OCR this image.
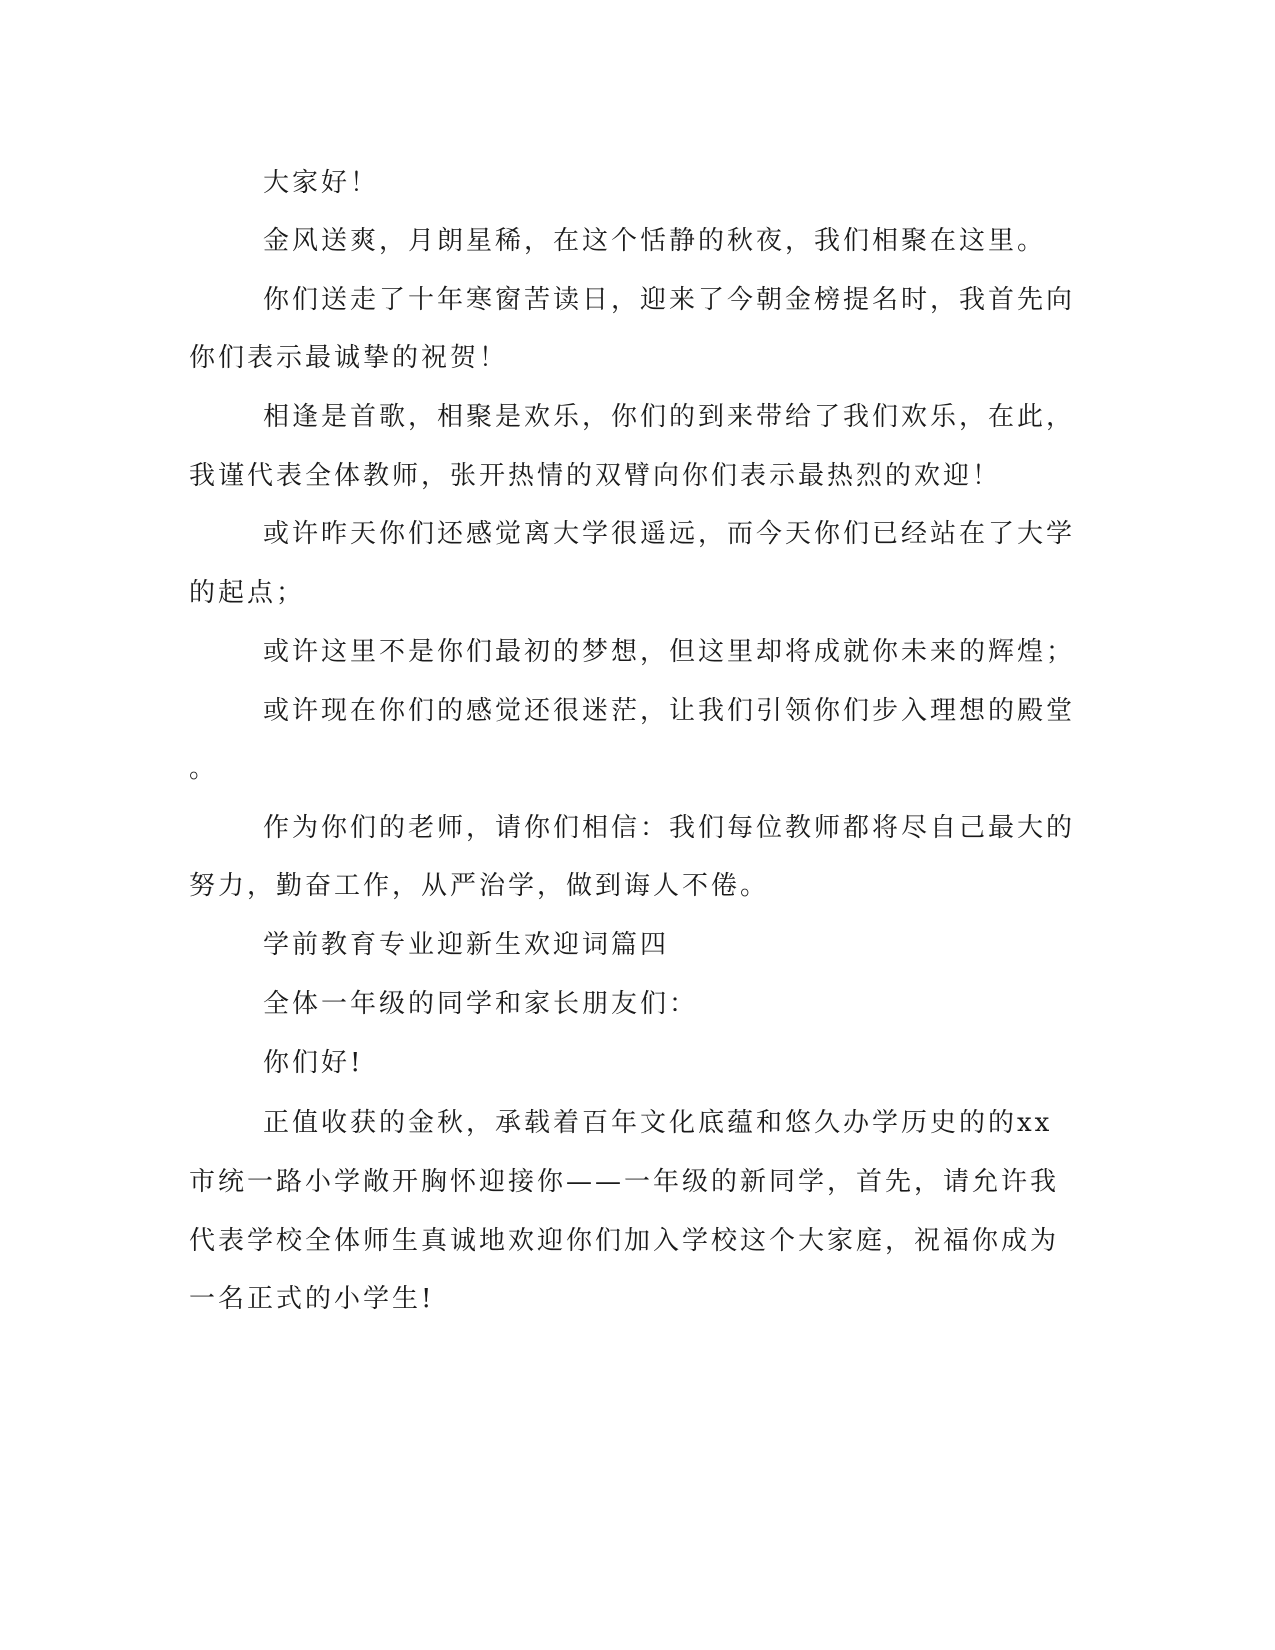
大家好！
金风送爽，月朗星稀，在这个恬静的秋夜，我们相聚在这里。
你们送走了十年寒窗苦读日，迎来了今朝金榜提名时，我首先向
你们表示最诚挚的祝贺！
相逢是首歌，相聚是欢乐，你们的到来带给了我们欢乐，在此，
我谨代表全体教师，张开热情的双臂向你们表示最热烈的欢迎！
或许昨天你们还感觉离大学很遥远，而今天你们已经站在了大学
的起点；
或许这里不是你们最初的梦想，但这里却将成就你未来的辉煌；
或许现在你们的感觉还很迷茫，让我们引领你们步入理想的殿堂
。
作为你们的老师，请你们相信：我们每位教师都将尽自己最大的
努力，勤奋工作，从严治学，做到诲人不倦。
学前教育专业迎新生欢迎词篇四
全体一年级的同学和家长朋友们：
你们好!
正值收获的金秋，承载着百年文化底蕴和悠久办学历史的的xx
市统一路小学敞开胸怀迎接你——一年级的新同学，首先，请允许我
代表学校全体师生真诚地欢迎你们加入学校这个大家庭，祝福你成为
一名正式的小学生!
